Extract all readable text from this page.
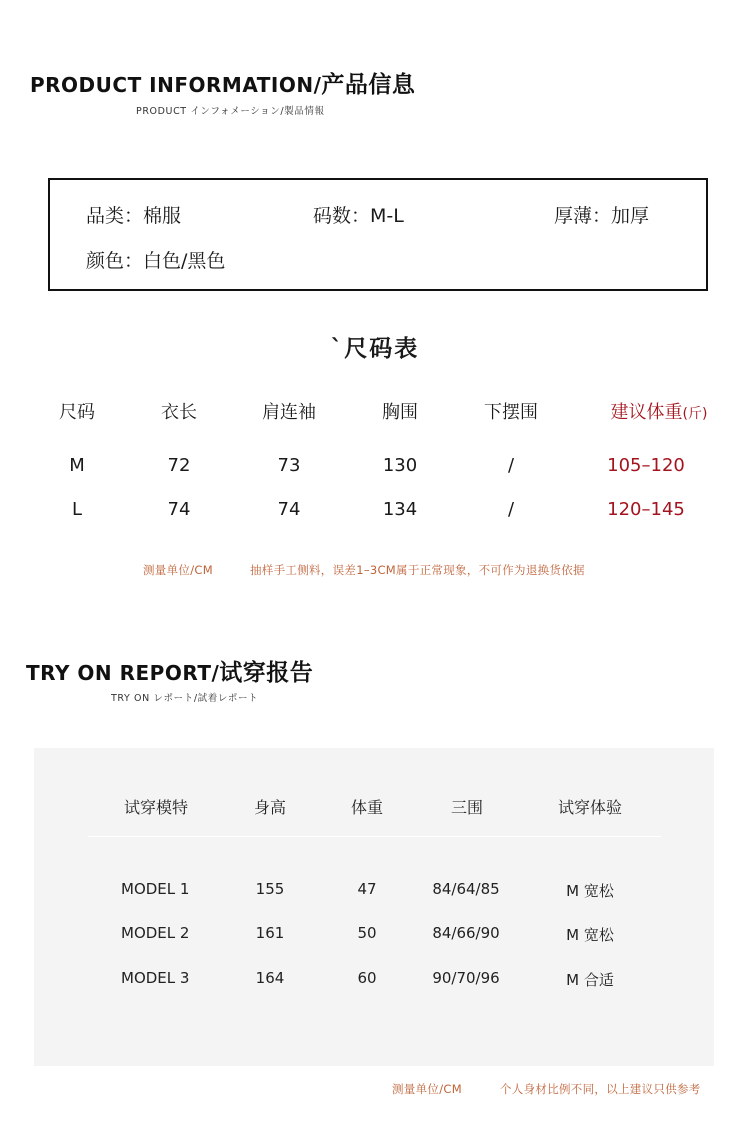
PRODUCT INFORMATION/产品信息
PRODUCT インフォメーション/製品情報
品类：棉服	码数：M-L	厚薄：加厚
颜色：白色/黑色
`尺码表
尺码	衣长	肩连袖	胸围	下摆围	建议体重(斤)
M	72	73	130	/	105–120
L	74	74	134	/	120–145
测量单位/CM	抽样手工侧料，误差1–3CM属于正常现象，不可作为退换货依据
TRY ON REPORT/试穿报告
TRY ON レポート/試着レポート
试穿模特	身高	体重	三围	试穿体验
MODEL 1	155	47	84/64/85	M 宽松
MODEL 2	161	50	84/66/90	M 宽松
MODEL 3	164	60	90/70/96	M 合适
测量单位/CM	个人身材比例不同，以上建议只供参考
